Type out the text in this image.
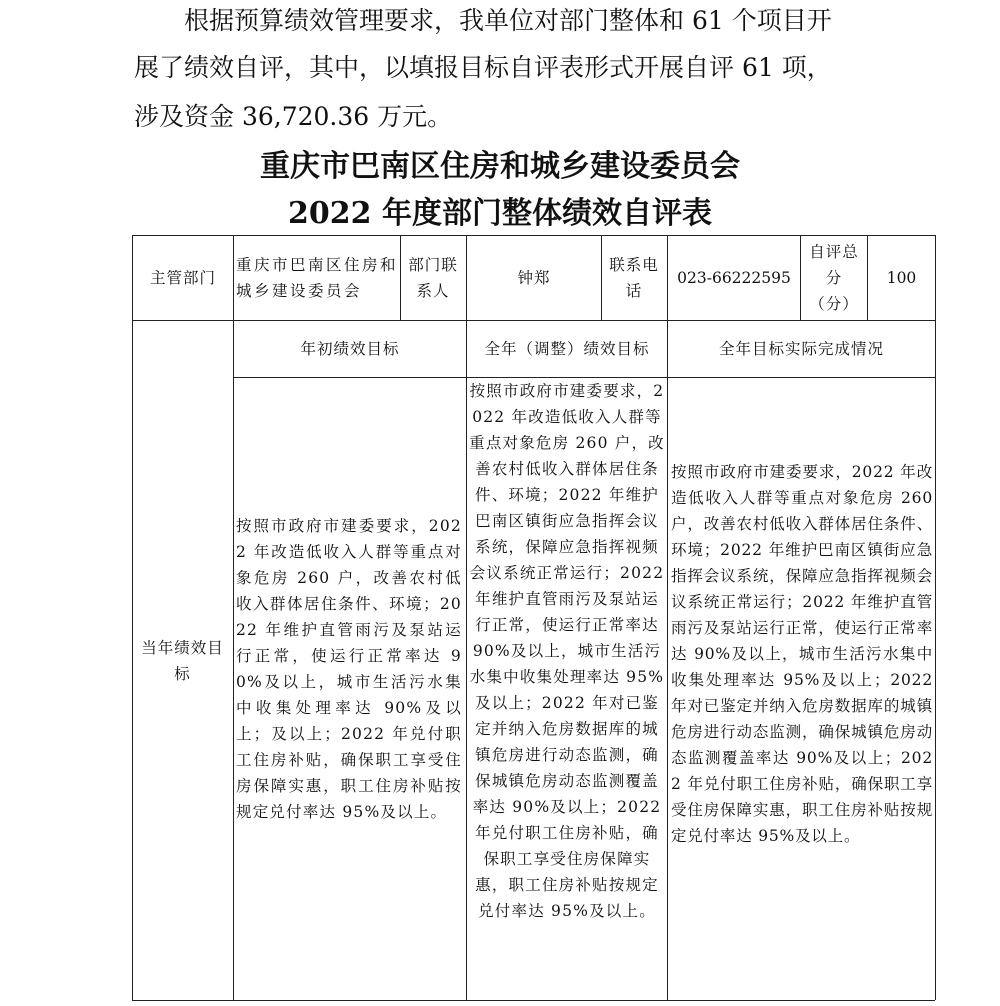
根据预算绩效管理要求，我单位对部门整体和 61 个项目开
展了绩效自评，其中，以填报目标自评表形式开展自评 61 项，
涉及资金 36,720.36 万元。
重庆市巴南区住房和城乡建设委员会
2022 年度部门整体绩效自评表
主管部门
重庆市巴南区住房和城乡建设委员会
部门联系人
钟郑
联系电话
023-66222595
自评总分（分）
100
当年绩效目标
年初绩效目标	全年（调整）绩效目标	全年目标实际完成情况
按照市政府市建委要求，2022 年改造低收入人群等重点对象危房 260 户，改善农村低收入群体居住条件、环境；2022 年维护直管雨污及泵站运行正常，使运行正常率达 90%及以上，城市生活污水集中收集处理率达 90%及以上；及以上；2022 年兑付职工住房补贴，确保职工享受住房保障实惠，职工住房补贴按规定兑付率达 95%及以上。
按照市政府市建委要求，2022 年改造低收入人群等重点对象危房 260 户，改善农村低收入群体居住条件、环境；2022 年维护巴南区镇街应急指挥会议系统，保障应急指挥视频会议系统正常运行；2022 年维护直管雨污及泵站运行正常，使运行正常率达 90%及以上，城市生活污水集中收集处理率达 95%及以上；2022 年对已鉴定并纳入危房数据库的城镇危房进行动态监测，确保城镇危房动态监测覆盖率达 90%及以上；2022 年兑付职工住房补贴，确保职工享受住房保障实惠，职工住房补贴按规定兑付率达 95%及以上。
按照市政府市建委要求，2022 年改造低收入人群等重点对象危房 260 户，改善农村低收入群体居住条件、环境；2022 年维护巴南区镇街应急指挥会议系统，保障应急指挥视频会议系统正常运行；2022 年维护直管雨污及泵站运行正常，使运行正常率达 90%及以上，城市生活污水集中收集处理率达 95%及以上；2022 年对已鉴定并纳入危房数据库的城镇危房进行动态监测，确保城镇危房动态监测覆盖率达 90%及以上；2022 年兑付职工住房补贴，确保职工享受住房保障实惠，职工住房补贴按规定兑付率达 95%及以上。
